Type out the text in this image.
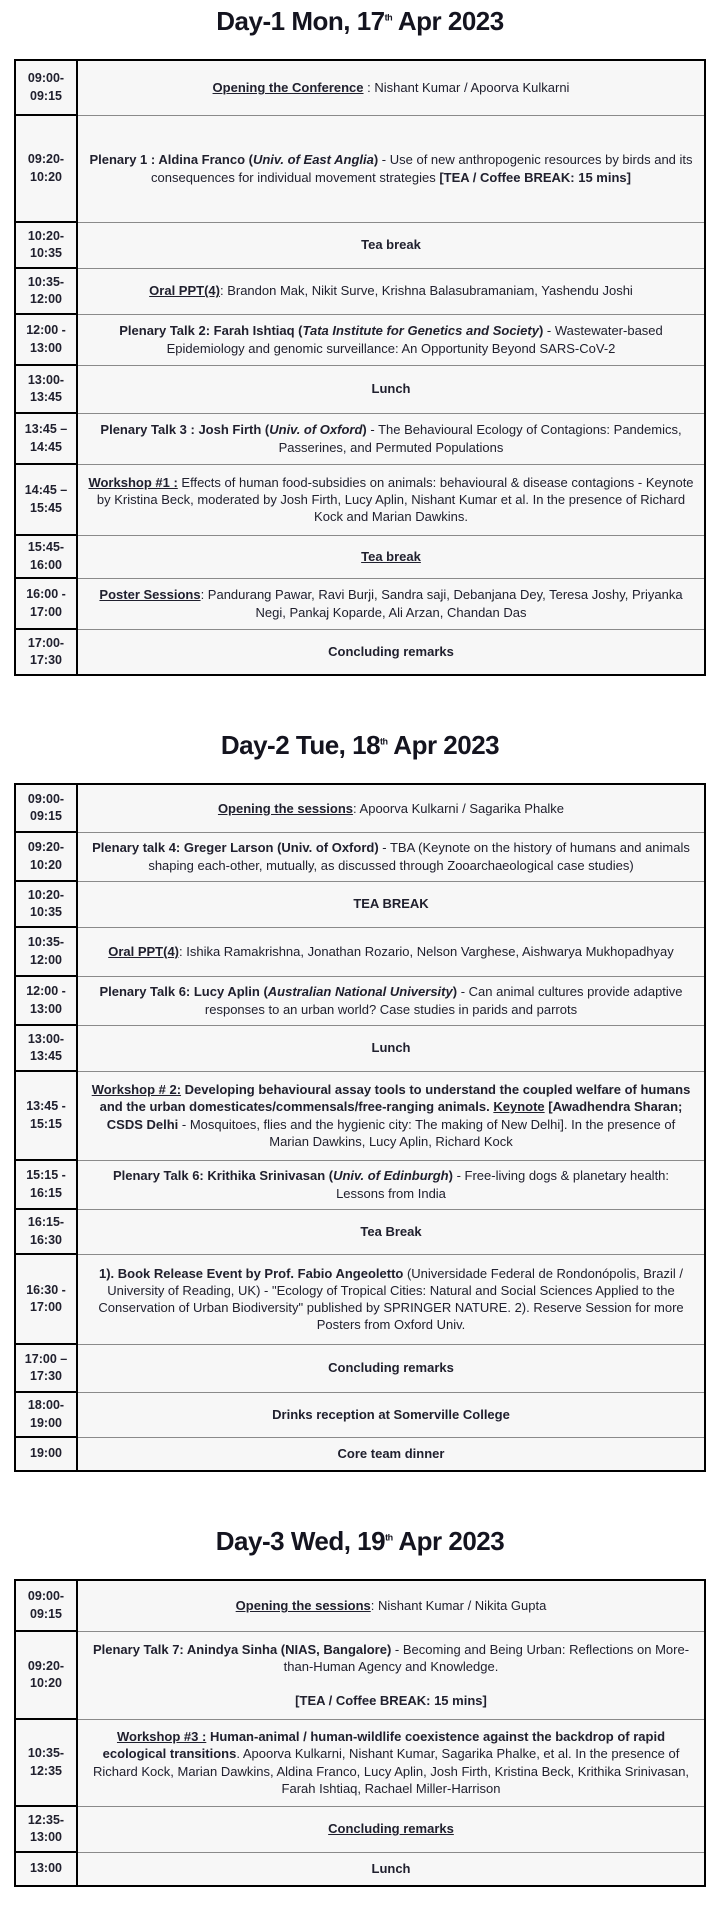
Day-1 Mon, 17th Apr 2023
09:00-09:15	Opening the Conference : Nishant Kumar / Apoorva Kulkarni
09:20-10:20	Plenary 1 : Aldina Franco (Univ. of East Anglia) - Use of new anthropogenic resources by birds and its consequences for individual movement strategies [TEA / Coffee BREAK: 15 mins]
10:20-10:35	Tea break
10:35-12:00	Oral PPT(4): Brandon Mak, Nikit Surve, Krishna Balasubramaniam, Yashendu Joshi
12:00 - 13:00	Plenary Talk 2: Farah Ishtiaq (Tata Institute for Genetics and Society) - Wastewater-based Epidemiology and genomic surveillance: An Opportunity Beyond SARS-CoV-2
13:00-13:45	Lunch
13:45 – 14:45	Plenary Talk 3 : Josh Firth (Univ. of Oxford) - The Behavioural Ecology of Contagions: Pandemics, Passerines, and Permuted Populations
14:45 – 15:45	Workshop #1 : Effects of human food-subsidies on animals: behavioural & disease contagions - Keynote by Kristina Beck, moderated by Josh Firth, Lucy Aplin, Nishant Kumar et al. In the presence of Richard Kock and Marian Dawkins.
15:45-16:00	Tea break
16:00 - 17:00	Poster Sessions: Pandurang Pawar, Ravi Burji, Sandra saji, Debanjana Dey, Teresa Joshy, Priyanka Negi, Pankaj Koparde, Ali Arzan, Chandan Das
17:00-17:30	Concluding remarks
Day-2 Tue, 18th Apr 2023
09:00-09:15	Opening the sessions: Apoorva Kulkarni / Sagarika Phalke
09:20-10:20	Plenary talk 4: Greger Larson (Univ. of Oxford) - TBA (Keynote on the history of humans and animals shaping each-other, mutually, as discussed through Zooarchaeological case studies)
10:20-10:35	TEA BREAK
10:35-12:00	Oral PPT(4): Ishika Ramakrishna, Jonathan Rozario, Nelson Varghese, Aishwarya Mukhopadhyay
12:00 - 13:00	Plenary Talk 6: Lucy Aplin (Australian National University) - Can animal cultures provide adaptive responses to an urban world? Case studies in parids and parrots
13:00-13:45	Lunch
13:45 - 15:15	Workshop # 2: Developing behavioural assay tools to understand the coupled welfare of humans and the urban domesticates/commensals/free-ranging animals. Keynote [Awadhendra Sharan; CSDS Delhi - Mosquitoes, flies and the hygienic city: The making of New Delhi]. In the presence of Marian Dawkins, Lucy Aplin, Richard Kock
15:15 - 16:15	Plenary Talk 6: Krithika Srinivasan (Univ. of Edinburgh) - Free-living dogs & planetary health: Lessons from India
16:15-16:30	Tea Break
16:30 - 17:00	1). Book Release Event by Prof. Fabio Angeoletto (Universidade Federal de Rondonópolis, Brazil / University of Reading, UK) - "Ecology of Tropical Cities: Natural and Social Sciences Applied to the Conservation of Urban Biodiversity" published by SPRINGER NATURE. 2). Reserve Session for more Posters from Oxford Univ.
17:00 – 17:30	Concluding remarks
18:00-19:00	Drinks reception at Somerville College
19:00	Core team dinner
Day-3 Wed, 19th Apr 2023
09:00-09:15	Opening the sessions: Nishant Kumar / Nikita Gupta
09:20-10:20	Plenary Talk 7: Anindya Sinha (NIAS, Bangalore) - Becoming and Being Urban: Reflections on More-than-Human Agency and Knowledge.

[TEA / Coffee BREAK: 15 mins]
10:35-12:35	Workshop #3 : Human-animal / human-wildlife coexistence against the backdrop of rapid ecological transitions. Apoorva Kulkarni, Nishant Kumar, Sagarika Phalke, et al. In the presence of Richard Kock, Marian Dawkins, Aldina Franco, Lucy Aplin, Josh Firth, Kristina Beck, Krithika Srinivasan, Farah Ishtiaq, Rachael Miller-Harrison
12:35-13:00	Concluding remarks
13:00	Lunch
